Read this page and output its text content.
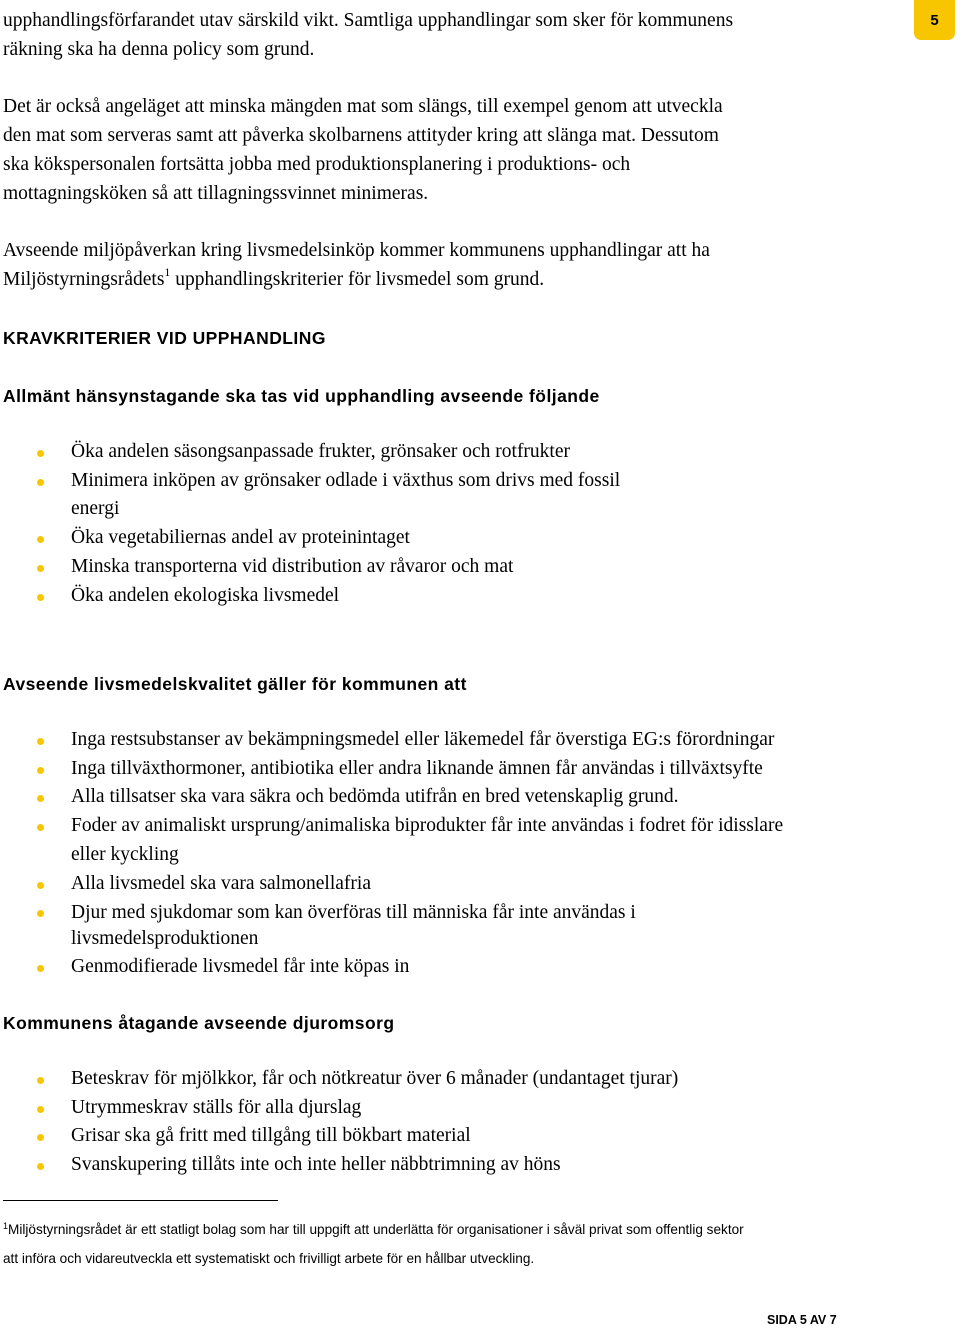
5

upphandlingsförfarandet utav särskild vikt. Samtliga upphandlingar som sker för kommunens
räkning ska ha denna policy som grund.

Det är också angeläget att minska mängden mat som slängs, till exempel genom att utveckla
den mat som serveras samt att påverka skolbarnens attityder kring att slänga mat. Dessutom
ska kökspersonalen fortsätta jobba med produktionsplanering i produktions- och
mottagningsköken så att tillagningssvinnet minimeras.

Avseende miljöpåverkan kring livsmedelsinköp kommer kommunens upphandlingar att ha
Miljöstyrningsrådets$^1$ upphandlingskriterier för livsmedel som grund.

KRAVKRITERIER VID UPPHANDLING
Allmänt hänsynstagande ska tas vid upphandling avseende följande
Öka andelen säsongsanpassade frukter, grönsaker och rotfrukter
Minimera inköpen av grönsaker odlade i växthus som drivs med fossil
energi
Öka vegetabiliernas andel av proteinintaget
Minska transporterna vid distribution av råvaror och mat
Öka andelen ekologiska livsmedel
Avseende livsmedelskvalitet gäller för kommunen att
Inga restsubstanser av bekämpningsmedel eller läkemedel får överstiga EG:s förordningar
Inga tillväxthormoner, antibiotika eller andra liknande ämnen får användas i tillväxtsyfte
Alla tillsatser ska vara säkra och bedömda utifrån en bred vetenskaplig grund.
Foder av animaliskt ursprung/animaliska biprodukter får inte användas i fodret för idisslare
eller kyckling
Alla livsmedel ska vara salmonellafria
Djur med sjukdomar som kan överföras till människa får inte användas i
livsmedelsproduktionen
Genmodifierade livsmedel får inte köpas in
Kommunens åtagande avseende djuromsorg
Beteskrav för mjölkkor, får och nötkreatur över 6 månader (undantaget tjurar)
Utrymmeskrav ställs för alla djurslag
Grisar ska gå fritt med tillgång till bökbart material
Svanskupering tillåts inte och inte heller näbbtrimning av höns

$^1$Miljöstyrningsrådet är ett statligt bolag som har till uppgift att underlätta för organisationer i såväl privat som offentlig sektor

att införa och vidareutveckla ett systematiskt och frivilligt arbete för en hållbar utveckling.

SIDA 5 AV 7
